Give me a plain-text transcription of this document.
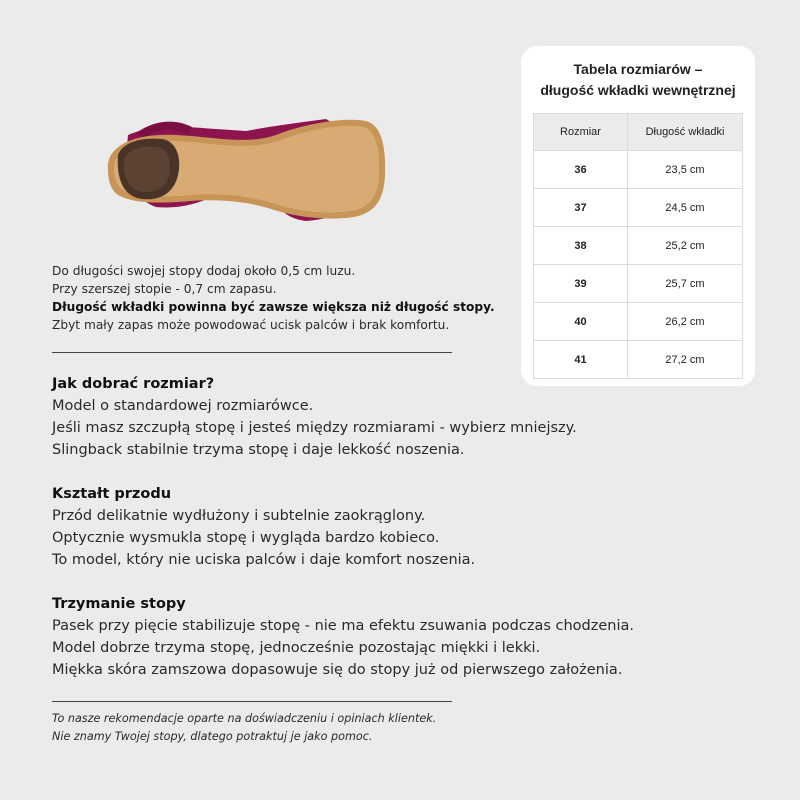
Do długości swojej stopy dodaj około 0,5 cm luzu.
Przy szerszej stopie - 0,7 cm zapasu.
Długość wkładki powinna być zawsze większa niż długość stopy.
Zbyt mały zapas może powodować ucisk palców i brak komfortu.
Jak dobrać rozmiar?

Model o standardowej rozmiarówce.

Jeśli masz szczupłą stopę i jesteś między rozmiarami - wybierz mniejszy.

Slingback stabilnie trzyma stopę i daje lekkość noszenia.

Kształt przodu

Przód delikatnie wydłużony i subtelnie zaokrąglony.

Optycznie wysmukla stopę i wygląda bardzo kobieco.

To model, który nie uciska palców i daje komfort noszenia.

Trzymanie stopy

Pasek przy pięcie stabilizuje stopę - nie ma efektu zsuwania podczas chodzenia.

Model dobrze trzyma stopę, jednocześnie pozostając miękki i lekki.

Miękka skóra zamszowa dopasowuje się do stopy już od pierwszego założenia.

To nasze rekomendacje oparte na doświadczeniu i opiniach klientek.
Nie znamy Twojej stopy, dlatego potraktuj je jako pomoc.
Tabela rozmiarów –
długość wkładki wewnętrznej
Rozmiar	Długość wkładki
36	23,5 cm
37	24,5 cm
38	25,2 cm
39	25,7 cm
40	26,2 cm
41	27,2 cm
